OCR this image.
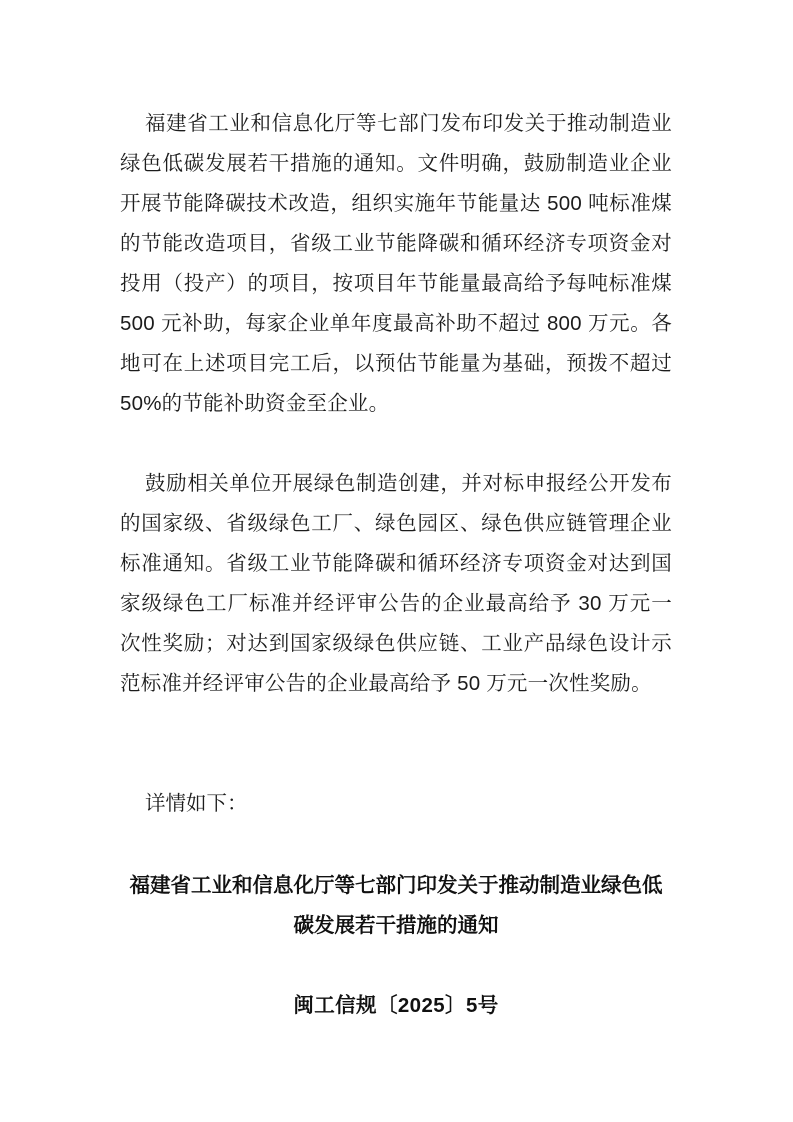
福建省工业和信息化厅等七部门发布印发关于推动制造业绿色低碳发展若干措施的通知。文件明确，鼓励制造业企业开展节能降碳技术改造，组织实施年节能量达 500 吨标准煤的节能改造项目，省级工业节能降碳和循环经济专项资金对投用（投产）的项目，按项目年节能量最高给予每吨标准煤 500 元补助，每家企业单年度最高补助不超过 800 万元。各地可在上述项目完工后，以预估节能量为基础，预拨不超过 50%的节能补助资金至企业。

鼓励相关单位开展绿色制造创建，并对标申报经公开发布的国家级、省级绿色工厂、绿色园区、绿色供应链管理企业标准通知。省级工业节能降碳和循环经济专项资金对达到国家级绿色工厂标准并经评审公告的企业最高给予 30 万元一次性奖励；对达到国家级绿色供应链、工业产品绿色设计示范标准并经评审公告的企业最高给予 50 万元一次性奖励。

详情如下：

福建省工业和信息化厅等七部门印发关于推动制造业绿色低碳发展若干措施的通知

闽工信规〔2025〕5号
